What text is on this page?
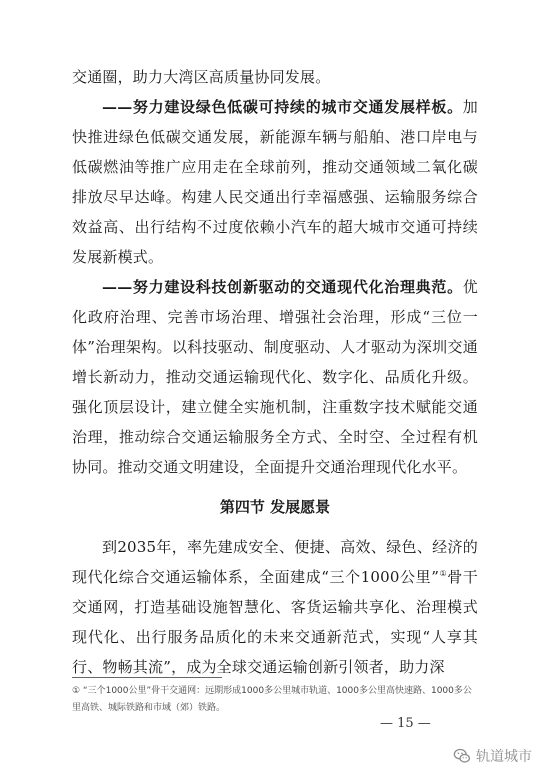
交通圈，助力大湾区高质量协同发展。

——努力建设绿色低碳可持续的城市交通发展样板。加快推进绿色低碳交通发展，新能源车辆与船舶、港口岸电与低碳燃油等推广应用走在全球前列，推动交通领域二氧化碳排放尽早达峰。构建人民交通出行幸福感强、运输服务综合效益高、出行结构不过度依赖小汽车的超大城市交通可持续发展新模式。

——努力建设科技创新驱动的交通现代化治理典范。优化政府治理、完善市场治理、增强社会治理，形成“三位一体”治理架构。以科技驱动、制度驱动、人才驱动为深圳交通增长新动力，推动交通运输现代化、数字化、品质化升级。强化顶层设计，建立健全实施机制，注重数字技术赋能交通治理，推动综合交通运输服务全方式、全时空、全过程有机协同。推动交通文明建设，全面提升交通治理现代化水平。

第四节 发展愿景

到2035年，率先建成安全、便捷、高效、绿色、经济的现代化综合交通运输体系，全面建成“三个1000公里”①骨干交通网，打造基础设施智慧化、客货运输共享化、治理模式现代化、出行服务品质化的未来交通新范式，实现“人享其行、物畅其流”，成为全球交通运输创新引领者，助力深

① “三个1000公里”骨干交通网：远期形成1000多公里城市轨道、1000多公里高快速路、1000多公里高铁、城际铁路和市域（郊）铁路。
— 15 —
轨道城市
